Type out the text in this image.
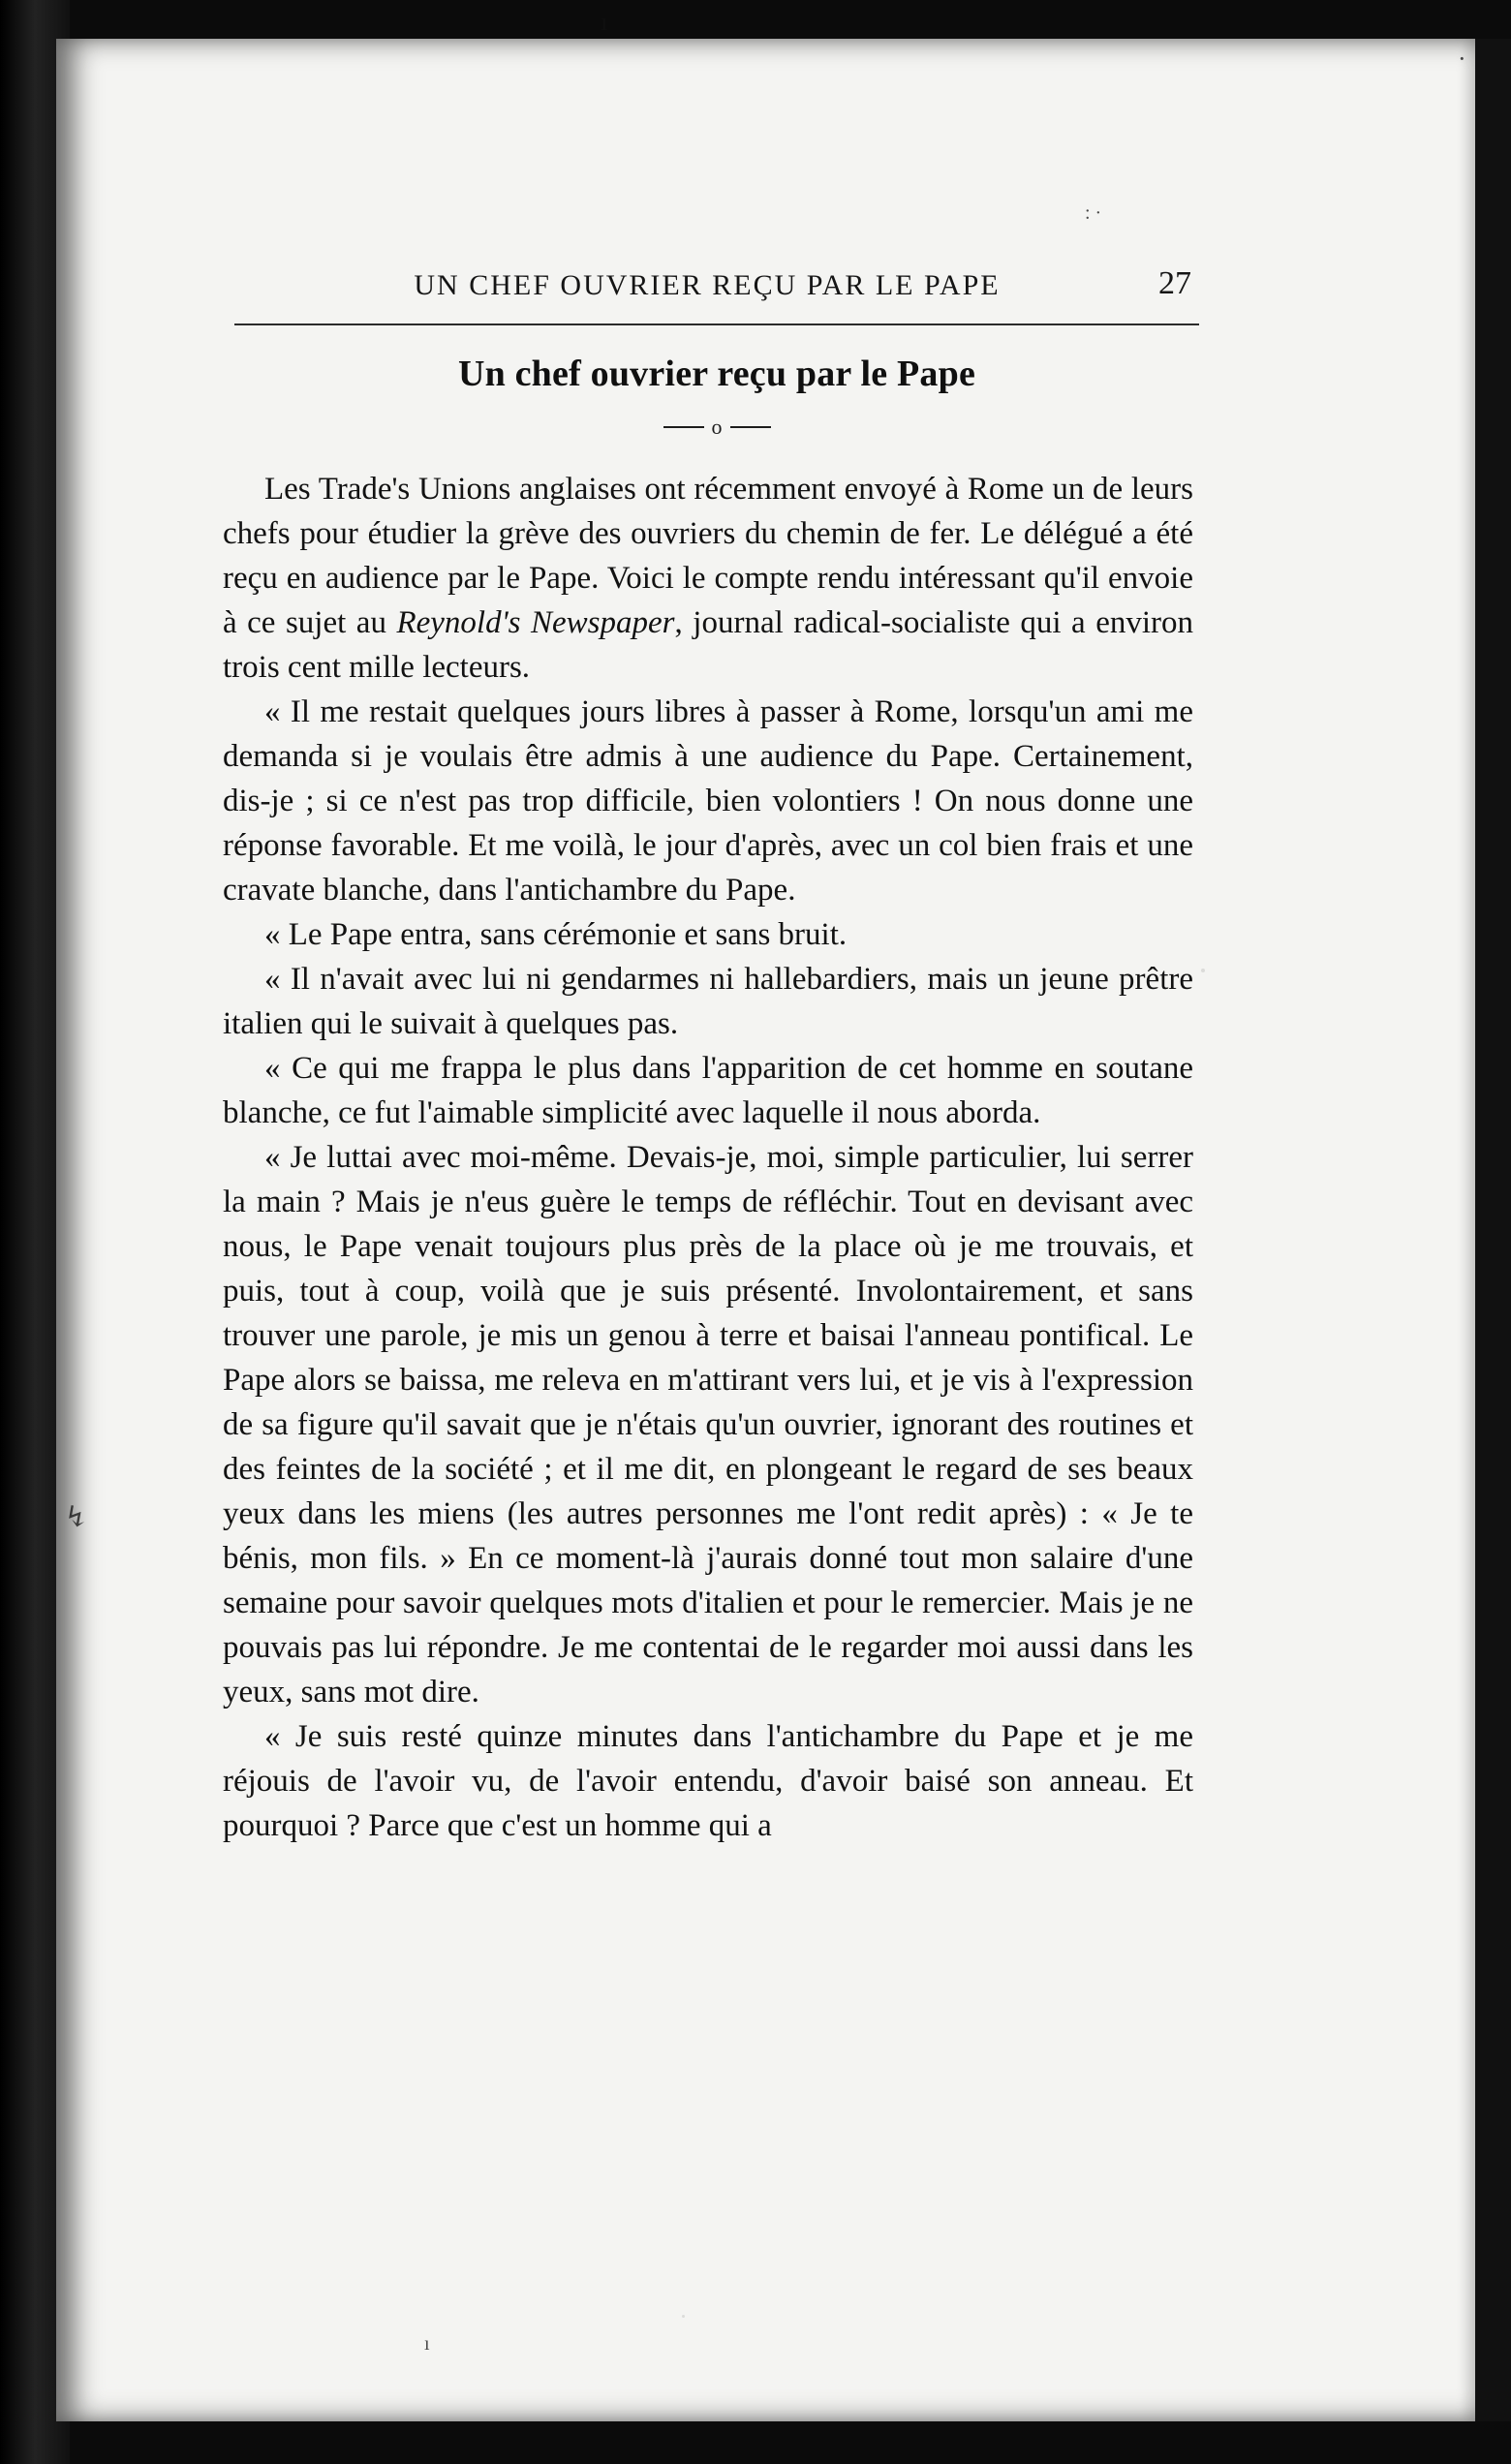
UN CHEF OUVRIER REÇU PAR LE PAPE	27
Un chef ouvrier reçu par le Pape
o

Les Trade's Unions anglaises ont récemment envoyé à Rome un de leurs chefs pour étudier la grève des ouvriers du chemin de fer. Le délégué a été reçu en audience par le Pape. Voici le compte rendu intéressant qu'il envoie à ce sujet au Reynold's Newspaper, journal radical-socialiste qui a environ trois cent mille lecteurs.

« Il me restait quelques jours libres à passer à Rome, lorsqu'un ami me demanda si je voulais être admis à une audience du Pape. Certainement, dis-je ; si ce n'est pas trop difficile, bien volontiers ! On nous donne une réponse favorable. Et me voilà, le jour d'après, avec un col bien frais et une cravate blanche, dans l'antichambre du Pape.

« Le Pape entra, sans cérémonie et sans bruit.

« Il n'avait avec lui ni gendarmes ni hallebardiers, mais un jeune prêtre italien qui le suivait à quelques pas.

« Ce qui me frappa le plus dans l'apparition de cet homme en soutane blanche, ce fut l'aimable simplicité avec laquelle il nous aborda.

« Je luttai avec moi-même. Devais-je, moi, simple particulier, lui serrer la main ? Mais je n'eus guère le temps de réfléchir. Tout en devisant avec nous, le Pape venait toujours plus près de la place où je me trouvais, et puis, tout à coup, voilà que je suis présenté. Involontairement, et sans trouver une parole, je mis un genou à terre et baisai l'anneau pontifical. Le Pape alors se baissa, me releva en m'attirant vers lui, et je vis à l'expression de sa figure qu'il savait que je n'étais qu'un ouvrier, ignorant des routines et des feintes de la société ; et il me dit, en plongeant le regard de ses beaux yeux dans les miens (les autres personnes me l'ont redit après) : « Je te bénis, mon fils. » En ce moment-là j'aurais donné tout mon salaire d'une semaine pour savoir quelques mots d'italien et pour le remercier. Mais je ne pouvais pas lui répondre. Je me contentai de le regarder moi aussi dans les yeux, sans mot dire.

« Je suis resté quinze minutes dans l'antichambre du Pape et je me réjouis de l'avoir vu, de l'avoir entendu, d'avoir baisé son anneau. Et pourquoi ? Parce que c'est un homme qui a

ı
·
: ·
↯
ı
